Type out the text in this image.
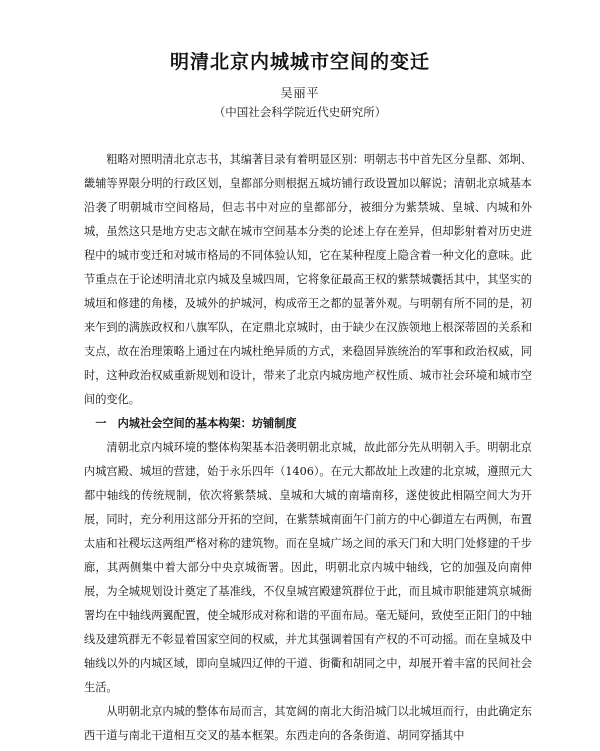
明清北京内城城市空间的变迁

吴丽平

（中国社会科学院近代史研究所）

粗略对照明清北京志书，其编著目录有着明显区别：明朝志书中首先区分皇都、郊坰、畿辅等界限分明的行政区划，皇都部分则根据五城坊铺行政设置加以解说；清朝北京城基本沿袭了明朝城市空间格局，但志书中对应的皇都部分，被细分为紫禁城、皇城、内城和外城，虽然这只是地方史志文献在城市空间基本分类的论述上存在差异，但却影射着对历史进程中的城市变迁和对城市格局的不同体验认知，它在某种程度上隐含着一种文化的意味。此节重点在于论述明清北京内城及皇城四周，它将象征最高王权的紫禁城囊括其中，其坚实的城垣和修建的角楼，及城外的护城河，构成帝王之都的显著外观。与明朝有所不同的是，初来乍到的满族政权和八旗军队，在定鼎北京城时，由于缺少在汉族领地上根深蒂固的关系和支点，故在治理策略上通过在内城杜绝异质的方式，来稳固异族统治的军事和政治权威，同时，这种政治权威重新规划和设计，带来了北京内城房地产权性质、城市社会环境和城市空间的变化。

一　内城社会空间的基本构架：坊铺制度

清朝北京内城环境的整体构架基本沿袭明朝北京城，故此部分先从明朝入手。明朝北京内城宫殿、城垣的营建，始于永乐四年（1406）。在元大都故址上改建的北京城，遵照元大都中轴线的传统规制，依次将紫禁城、皇城和大城的南墙南移，遂使彼此相隔空间大为开展，同时，充分利用这部分开拓的空间，在紫禁城南面午门前方的中心御道左右两侧，布置太庙和社稷坛这两组严格对称的建筑物。而在皇城广场之间的承天门和大明门处修建的千步廊，其两侧集中着大部分中央京城衙署。因此，明朝北京内城中轴线，它的加强及向南伸展，为全城规划设计奠定了基准线，不仅皇城宫殿建筑群位于此，而且城市职能建筑京城衙署均在中轴线两翼配置，使全城形成对称和谐的平面布局。毫无疑问，致使至正阳门的中轴线及建筑群无不彰显着国家空间的权威，并尤其强调着国有产权的不可动摇。而在皇城及中轴线以外的内城区域，即向皇城四辽伸的干道、街衢和胡同之中，却展开着丰富的民间社会生活。

从明朝北京内城的整体布局而言，其宽阔的南北大街沿城门以北城垣而行，由此确定东西干道与南北干道相互交叉的基本框架。东西走向的各条街道、胡同穿插其中
